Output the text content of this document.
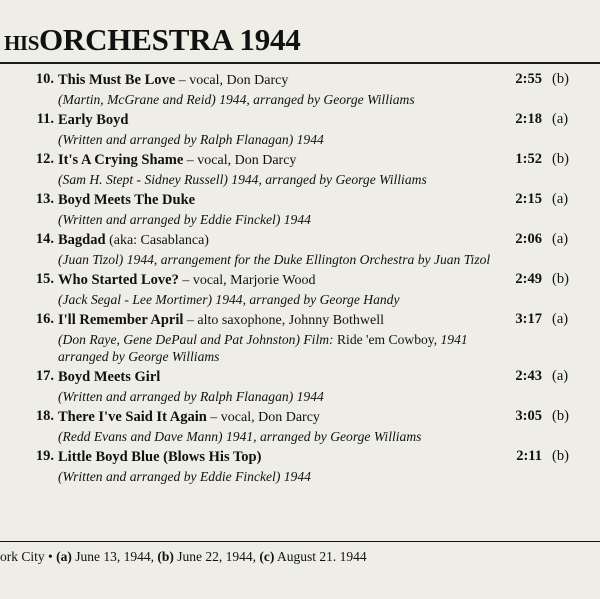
HISORCHESTRA 1944
10. This Must Be Love – vocal, Don Darcy	2:55 (b)
(Martin, McGrane and Reid) 1944, arranged by George Williams
11. Early Boyd	2:18 (a)
(Written and arranged by Ralph Flanagan) 1944
12. It's A Crying Shame – vocal, Don Darcy	1:52 (b)
(Sam H. Stept - Sidney Russell) 1944, arranged by George Williams
13. Boyd Meets The Duke	2:15 (a)
(Written and arranged by Eddie Finckel) 1944
14. Bagdad (aka: Casablanca)	2:06 (a)
(Juan Tizol) 1944, arrangement for the Duke Ellington Orchestra by Juan Tizol
15. Who Started Love? – vocal, Marjorie Wood	2:49 (b)
(Jack Segal - Lee Mortimer) 1944, arranged by George Handy
16. I'll Remember April – alto saxophone, Johnny Bothwell	3:17 (a)
(Don Raye, Gene DePaul and Pat Johnston) Film: Ride 'em Cowboy, 1941
arranged by George Williams
17. Boyd Meets Girl	2:43 (a)
(Written and arranged by Ralph Flanagan) 1944
18. There I've Said It Again – vocal, Don Darcy	3:05 (b)
(Redd Evans and Dave Mann) 1941, arranged by George Williams
19. Little Boyd Blue (Blows His Top)	2:11 (b)
(Written and arranged by Eddie Finckel) 1944
ork City • (a) June 13, 1944, (b) June 22, 1944, (c) August 21. 1944
